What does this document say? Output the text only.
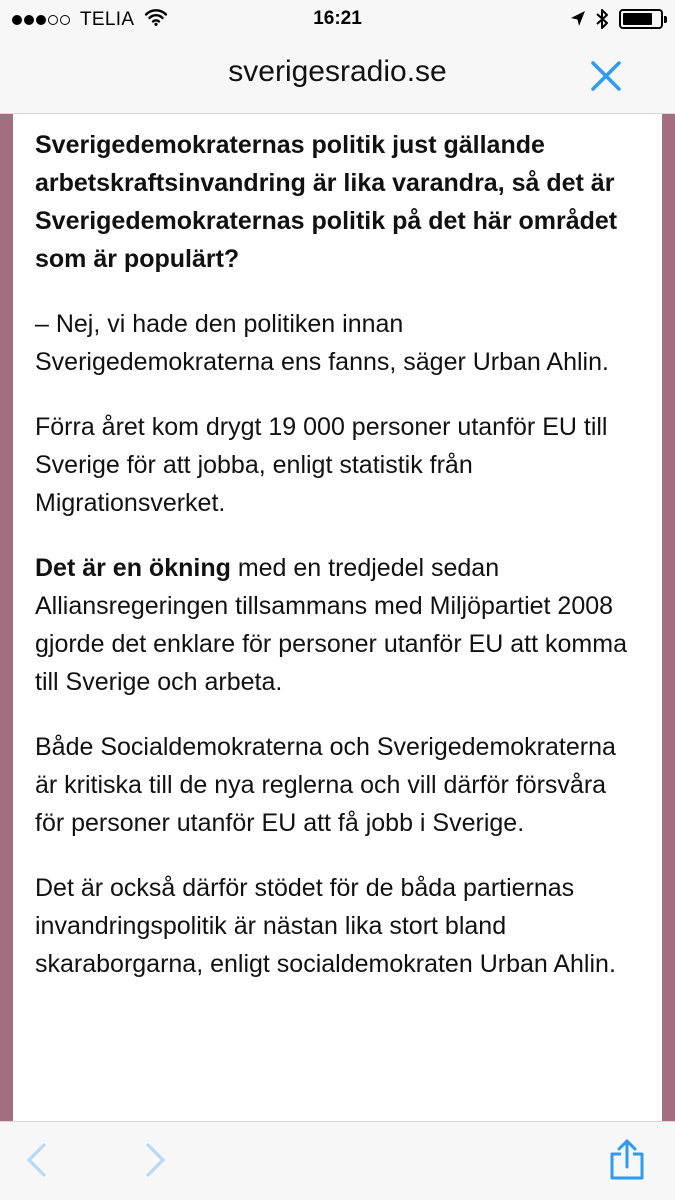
TELIA	16:21
sverigesradio.se

Sverigedemokraternas politik just gällande arbetskraftsinvandring är lika varandra, så det är Sverigedemokraternas politik på det här området som är populärt?

– Nej, vi hade den politiken innan Sverigedemokraterna ens fanns, säger Urban Ahlin.

Förra året kom drygt 19 000 personer utanför EU till Sverige för att jobba, enligt statistik från Migrationsverket.

Det är en ökning med en tredjedel sedan Alliansregeringen tillsammans med Miljöpartiet 2008 gjorde det enklare för personer utanför EU att komma till Sverige och arbeta.

Både Socialdemokraterna och Sverigedemokraterna är kritiska till de nya reglerna och vill därför försvåra för personer utanför EU att få jobb i Sverige.

Det är också därför stödet för de båda partiernas invandringspolitik är nästan lika stort bland skaraborgarna, enligt socialdemokraten Urban Ahlin.
